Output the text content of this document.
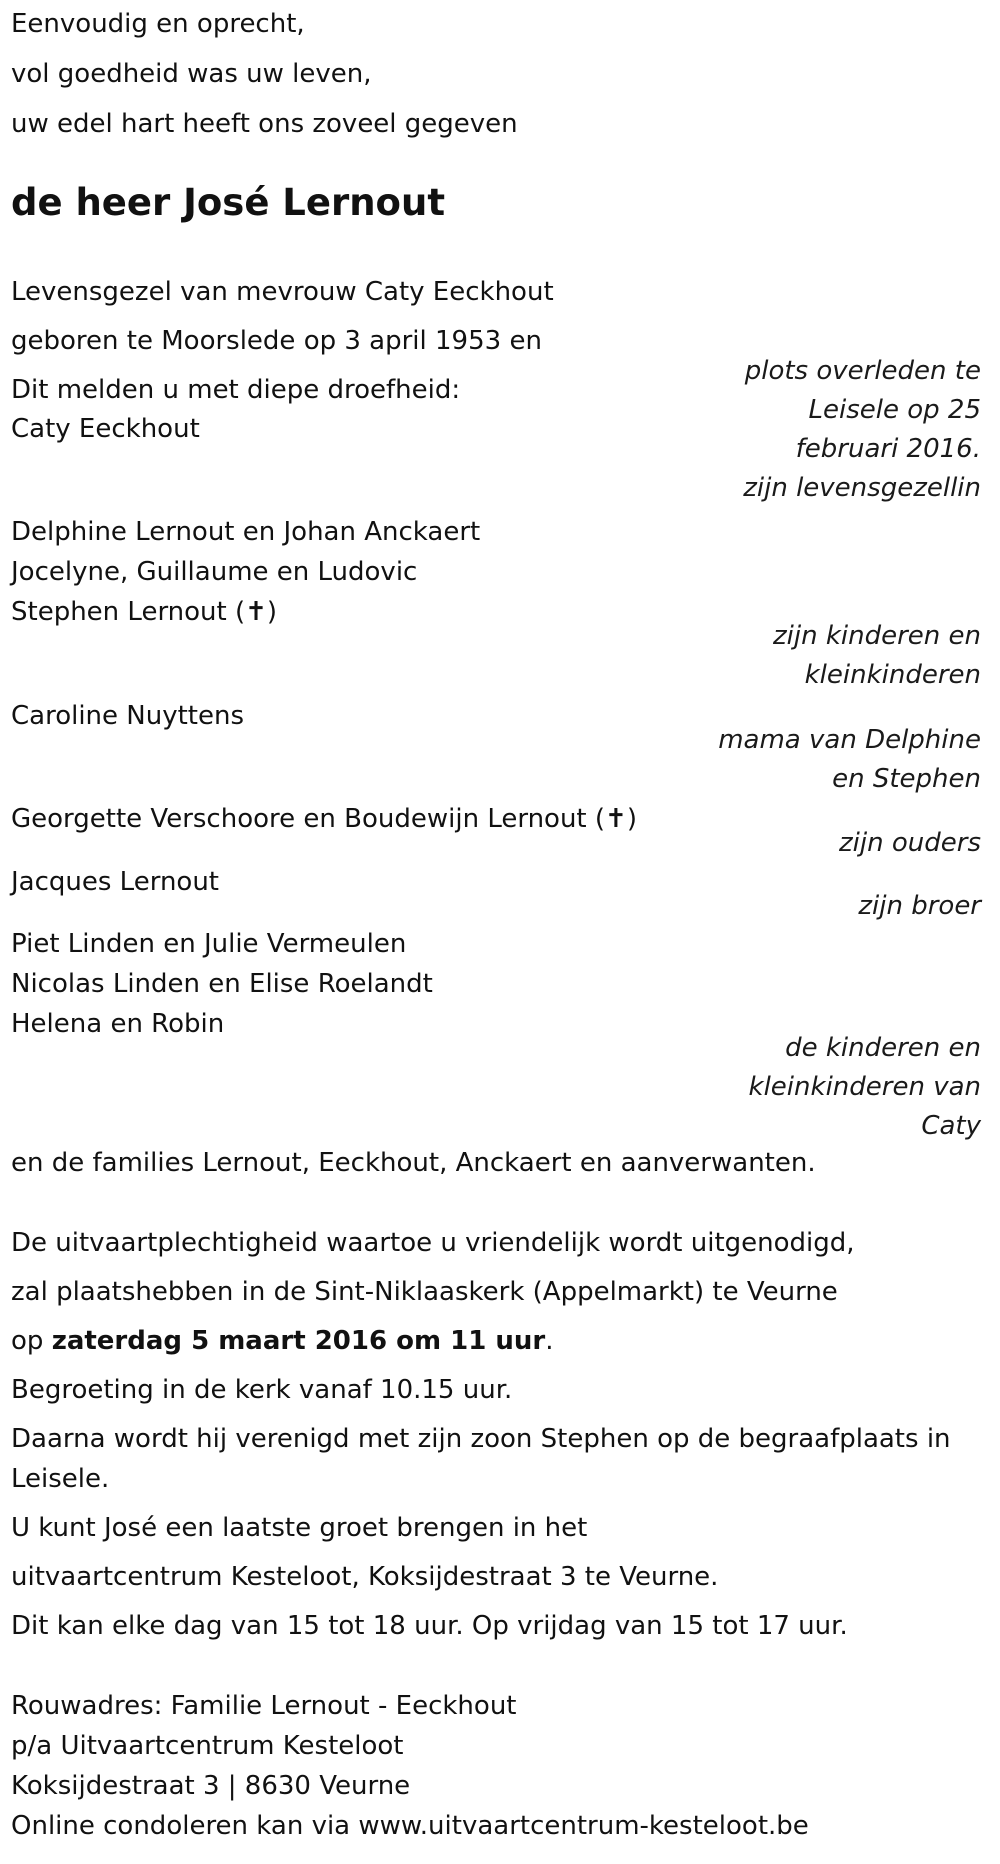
Eenvoudig en oprecht,
vol goedheid was uw leven,
uw edel hart heeft ons zoveel gegeven
de heer José Lernout
Levensgezel van mevrouw Caty Eeckhout
geboren te Moorslede op 3 april 1953 en
Dit melden u met diepe droefheid:
Caty Eeckhout
plots overleden te
Leisele op 25
februari 2016.
zijn levensgezellin
Delphine Lernout en Johan Anckaert
Jocelyne, Guillaume en Ludovic
Stephen Lernout (✝)
zijn kinderen en
kleinkinderen
Caroline Nuyttens
mama van Delphine
en Stephen
Georgette Verschoore en Boudewijn Lernout (✝)
zijn ouders
Jacques Lernout
zijn broer
Piet Linden en Julie Vermeulen
Nicolas Linden en Elise Roelandt
Helena en Robin
de kinderen en
kleinkinderen van
Caty
en de families Lernout, Eeckhout, Anckaert en aanverwanten.
De uitvaartplechtigheid waartoe u vriendelijk wordt uitgenodigd,
zal plaatshebben in de Sint-Niklaaskerk (Appelmarkt) te Veurne
op zaterdag 5 maart 2016 om 11 uur.
Begroeting in de kerk vanaf 10.15 uur.
Daarna wordt hij verenigd met zijn zoon Stephen op de begraafplaats in
Leisele.
U kunt José een laatste groet brengen in het
uitvaartcentrum Kesteloot, Koksijdestraat 3 te Veurne.
Dit kan elke dag van 15 tot 18 uur. Op vrijdag van 15 tot 17 uur.
Rouwadres: Familie Lernout - Eeckhout
p/a Uitvaartcentrum Kesteloot
Koksijdestraat 3 | 8630 Veurne
Online condoleren kan via www.uitvaartcentrum-kesteloot.be
